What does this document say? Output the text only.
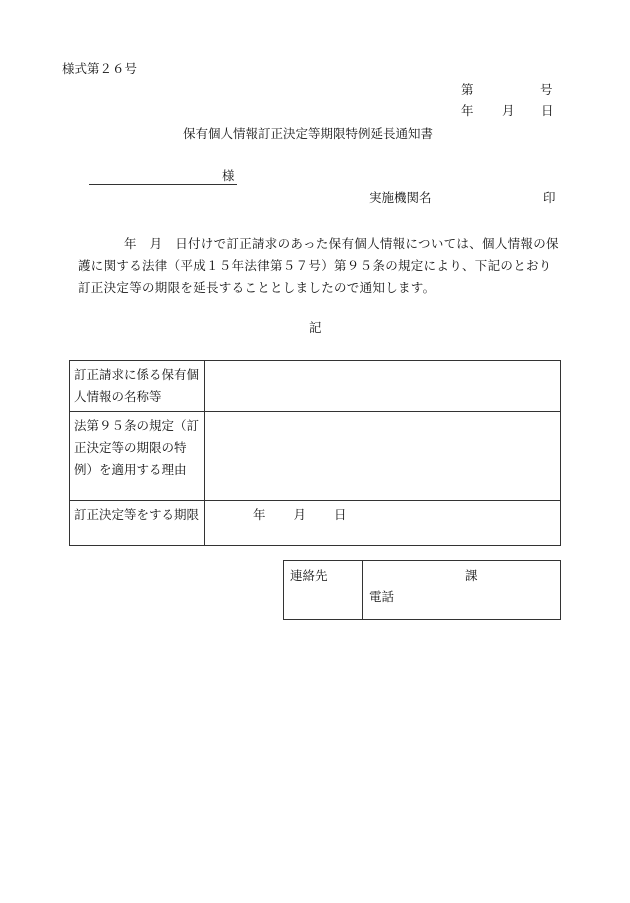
様式第２６号
第	号
年 月 日
保有個人情報訂正決定等期限特例延長通知書
様
実施機関名	印
年　月　日付けで訂正請求のあった保有個人情報については、個人情報の保護に関する法律（平成１５年法律第５７号）第９５条の規定により、下記のとおり訂正決定等の期限を延長することとしましたので通知します。
記
訂正請求に係る保有個人情報の名称等	
法第９５条の規定（訂正決定等の期限の特例）を適用する理由	
訂正決定等をする期限	年 月 日
連絡先	課
電話
